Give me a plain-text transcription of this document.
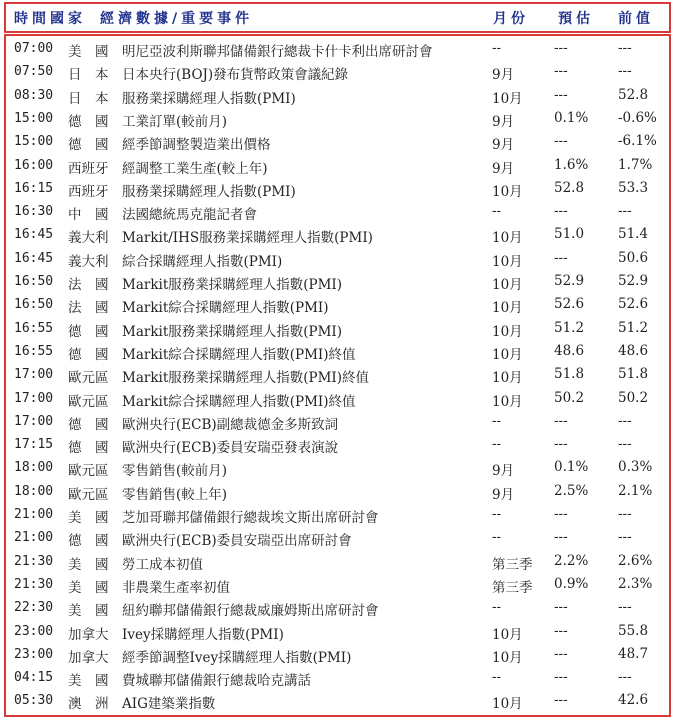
時間國家 經濟數據/重要事件	月份 預估 前值
07:00 美　國 明尼亞波利斯聯邦儲備銀行總裁卡什卡利出席研討會	--	---	---
07:50 日　本 日本央行(BOJ)發布貨幣政策會議紀錄	9月	---	---
08:30 日　本 服務業採購經理人指數(PMI)	10月 ---	52.8
15:00 德　國 工業訂單(較前月)	9月	0.1% -0.6%
15:00 德　國 經季節調整製造業出價格	9月	---	-6.1%
16:00 西班牙 經調整工業生產(較上年)	9月	1.6% 1.7%
16:15 西班牙 服務業採購經理人指數(PMI)	10月 52.8	53.3
16:30 中　國 法國總統馬克龍記者會	--	---	---
16:45 義大利 Markit/IHS服務業採購經理人指數(PMI)	10月 51.0	51.4
16:45 義大利 綜合採購經理人指數(PMI)	10月 ---	50.6
16:50 法　國 Markit服務業採購經理人指數(PMI)	10月 52.9	52.9
16:50 法　國 Markit綜合採購經理人指數(PMI)	10月 52.6	52.6
16:55 德　國 Markit服務業採購經理人指數(PMI)	10月 51.2	51.2
16:55 德　國 Markit綜合採購經理人指數(PMI)終值	10月 48.6	48.6
17:00 歐元區 Markit服務業採購經理人指數(PMI)終值	10月 51.8	51.8
17:00 歐元區 Markit綜合採購經理人指數(PMI)終值	10月 50.2	50.2
17:00 德　國 歐洲央行(ECB)副總裁德金多斯致詞	--	---	---
17:15 德　國 歐洲央行(ECB)委員安瑞亞發表演說	--	---	---
18:00 歐元區 零售銷售(較前月)	9月	0.1% 0.3%
18:00 歐元區 零售銷售(較上年)	9月	2.5% 2.1%
21:00 美　國 芝加哥聯邦儲備銀行總裁埃文斯出席研討會	--	---	---
21:00 德　國 歐洲央行(ECB)委員安瑞亞出席研討會	--	---	---
21:30 美　國 勞工成本初值	第三季 2.2% 2.6%
21:30 美　國 非農業生產率初值	第三季 0.9% 2.3%
22:30 美　國 紐約聯邦儲備銀行總裁威廉姆斯出席研討會	--	---	---
23:00 加拿大 Ivey採購經理人指數(PMI)	10月 ---	55.8
23:00 加拿大 經季節調整Ivey採購經理人指數(PMI)	10月 ---	48.7
04:15 美　國 費城聯邦儲備銀行總裁哈克講話	--	---	---
05:30 澳　洲 AIG建築業指數	10月 ---	42.6
